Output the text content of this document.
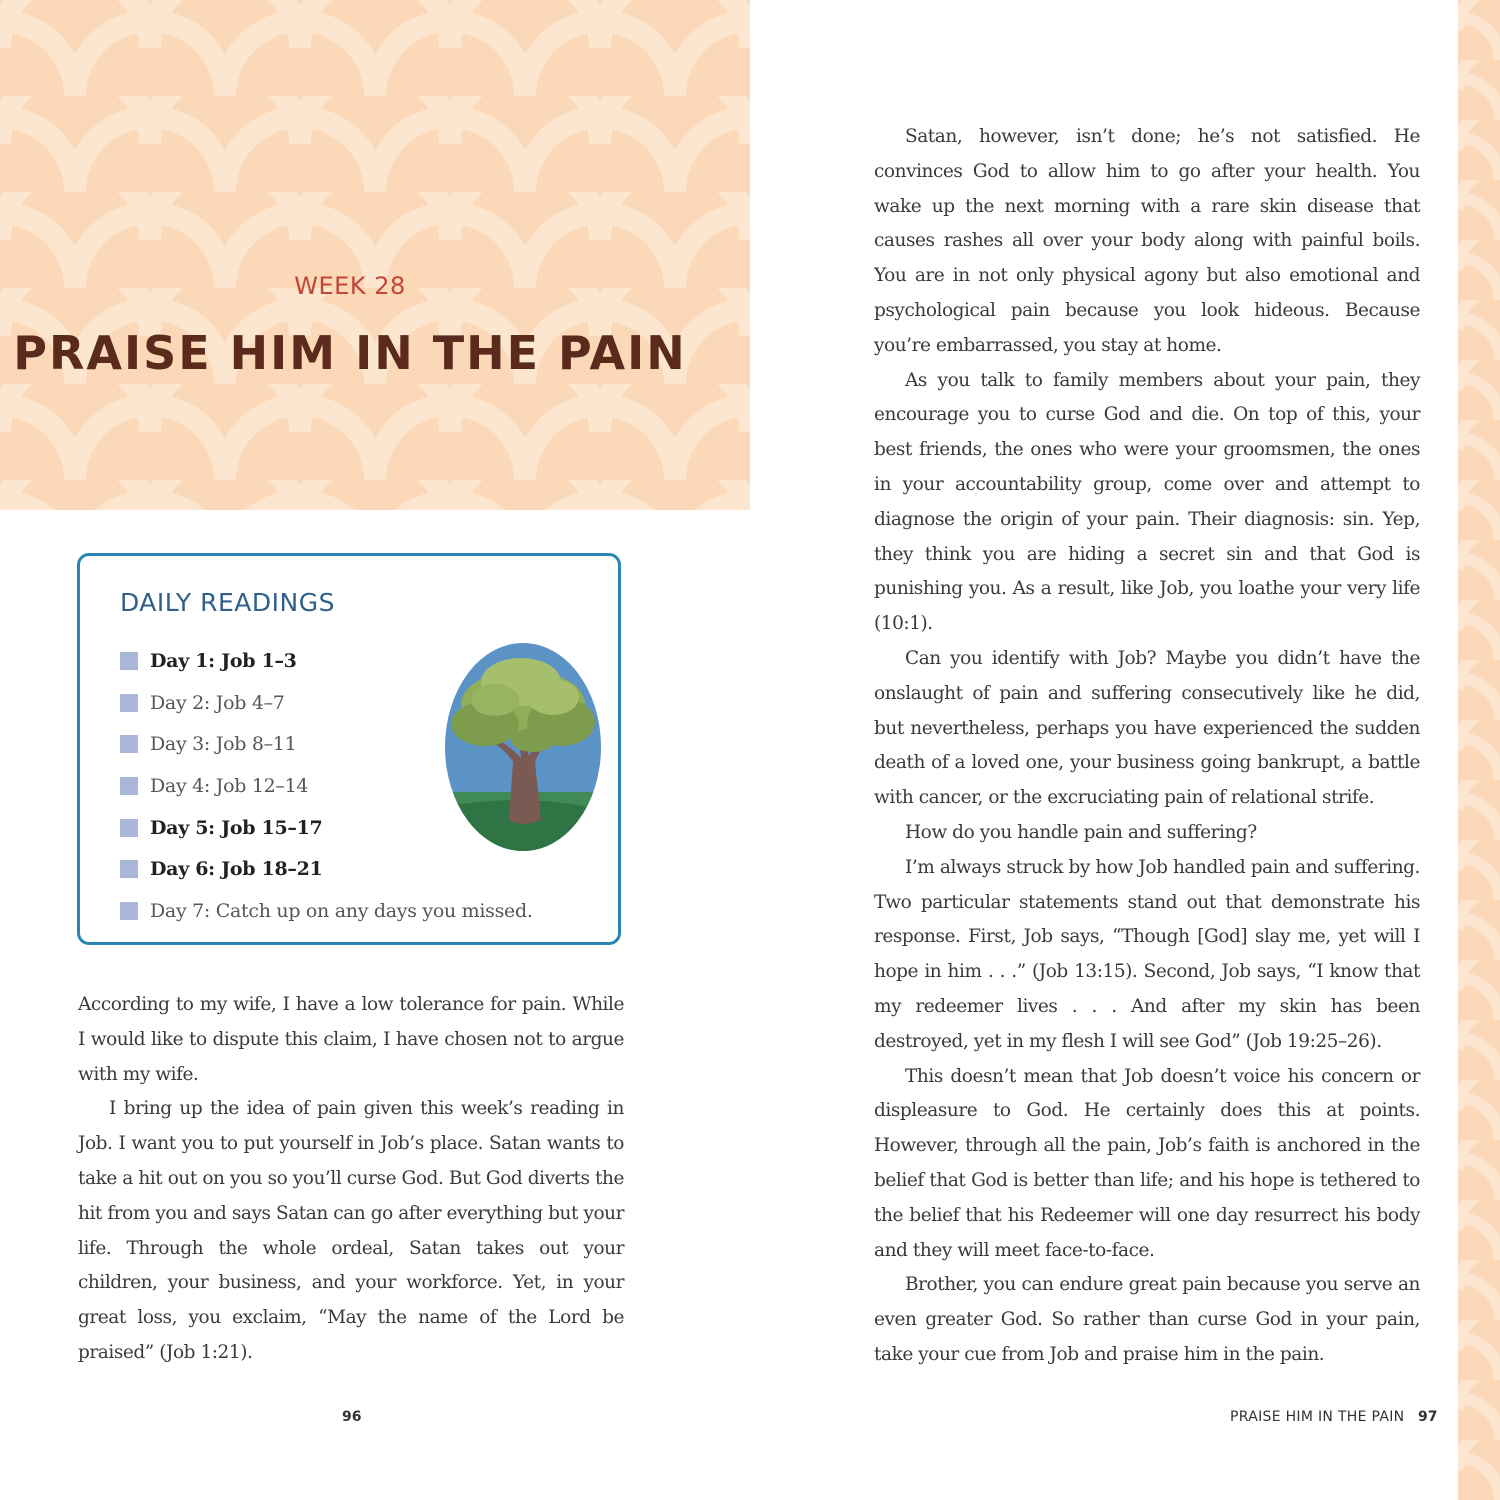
WEEK 28
PRAISE HIM IN THE PAIN
DAILY READINGS
Day 1: Job 1–3
Day 2: Job 4–7
Day 3: Job 8–11
Day 4: Job 12–14
Day 5: Job 15–17
Day 6: Job 18–21
Day 7: Catch up on any days you missed.

According to my wife, I have a low tolerance for pain. While I would like to dispute this claim, I have chosen not to argue with my wife.

I bring up the idea of pain given this week’s reading in Job. I want you to put yourself in Job’s place. Satan wants to take a hit out on you so you’ll curse God. But God diverts the hit from you and says Satan can go after everything but your life. Through the whole ordeal, Satan takes out your children, your business, and your workforce. Yet, in your great loss, you exclaim, “May the name of the Lord be praised” (Job 1:21).

Satan, however, isn’t done; he’s not satisfied. He convinces God to allow him to go after your health. You wake up the next morning with a rare skin disease that causes rashes all over your body along with painful boils. You are in not only physical agony but also emotional and psychological pain because you look hideous. Because you’re embarrassed, you stay at home.

As you talk to family members about your pain, they encourage you to curse God and die. On top of this, your best friends, the ones who were your groomsmen, the ones in your accountability group, come over and attempt to diagnose the origin of your pain. Their diagnosis: sin. Yep, they think you are hiding a secret sin and that God is punishing you. As a result, like Job, you loathe your very life (10:1).

Can you identify with Job? Maybe you didn’t have the onslaught of pain and suffering consecutively like he did, but nevertheless, perhaps you have experienced the sudden death of a loved one, your business going bankrupt, a battle with cancer, or the excruciating pain of relational strife.

How do you handle pain and suffering?

I’m always struck by how Job handled pain and suffering. Two particular statements stand out that demonstrate his response. First, Job says, “Though [God] slay me, yet will I hope in him . . .” (Job 13:15). Second, Job says, “I know that my redeemer lives . . . And after my skin has been destroyed, yet in my flesh I will see God” (Job 19:25–26).

This doesn’t mean that Job doesn’t voice his concern or displeasure to God. He certainly does this at points. However, through all the pain, Job’s faith is anchored in the belief that God is better than life; and his hope is tethered to the belief that his Redeemer will one day resurrect his body and they will meet face-to-face.

Brother, you can endure great pain because you serve an even greater God. So rather than curse God in your pain, take your cue from Job and praise him in the pain.

96	PRAISE HIM IN THE PAIN 97
